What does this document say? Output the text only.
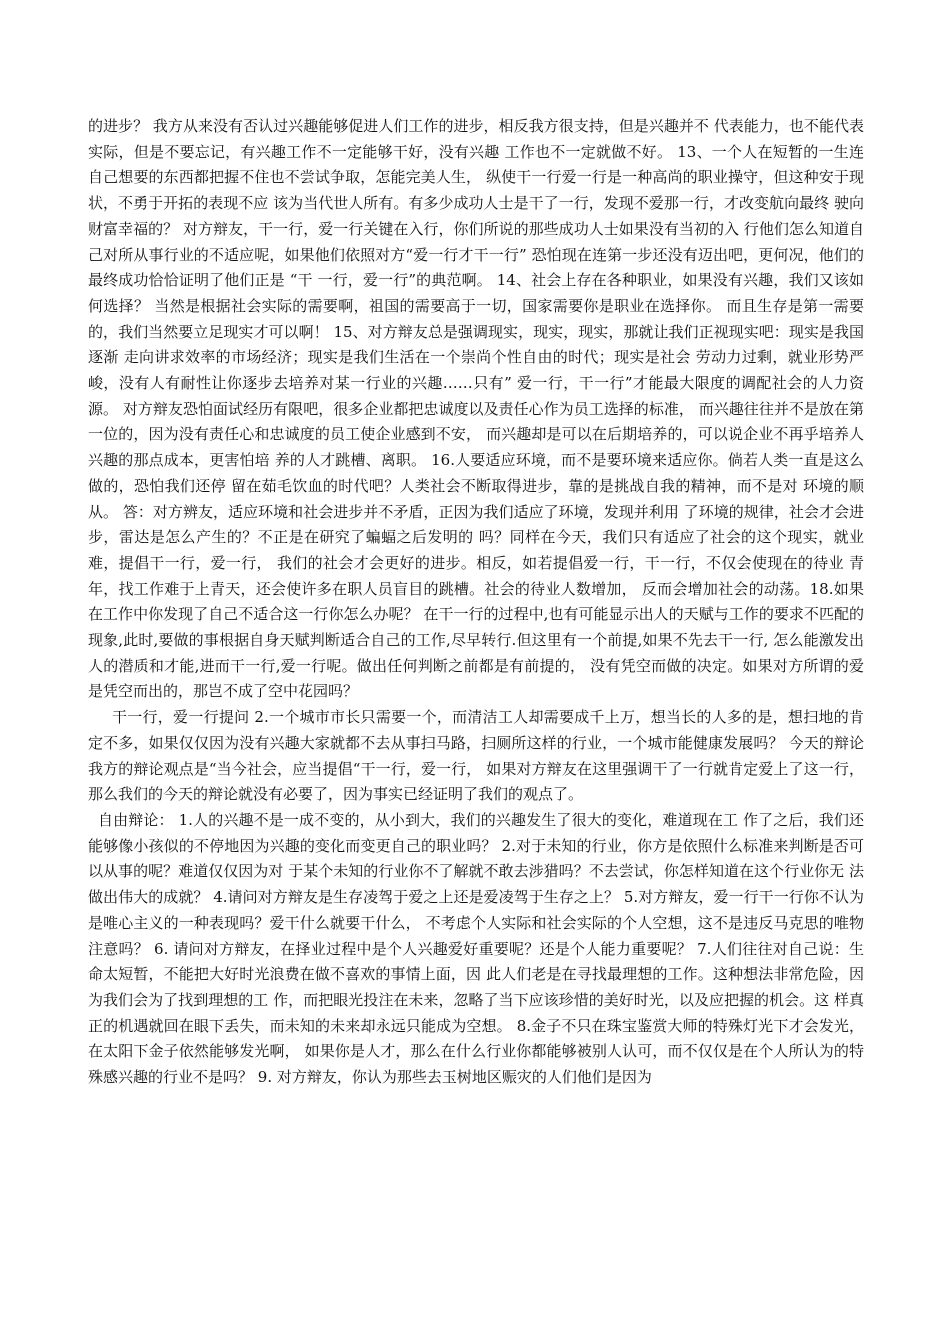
的进步？ 我方从来没有否认过兴趣能够促进人们工作的进步，相反我方很支持，但是兴趣并不 代表能力，也不能代表实际，但是不要忘记，有兴趣工作不一定能够干好，没有兴趣 工作也不一定就做不好。 13、一个人在短暂的一生连自己想要的东西都把握不住也不尝试争取，怎能完美人生， 纵使干一行爱一行是一种高尚的职业操守，但这种安于现状，不勇于开拓的表现不应 该为当代世人所有。有多少成功人士是干了一行，发现不爱那一行，才改变航向最终 驶向财富幸福的？ 对方辩友，干一行，爱一行关键在入行，你们所说的那些成功人士如果没有当初的入 行他们怎么知道自己对所从事行业的不适应呢，如果他们依照对方“爱一行才干一行” 恐怕现在连第一步还没有迈出吧，更何况，他们的最终成功恰恰证明了他们正是 “干 一行，爱一行”的典范啊。 14、社会上存在各种职业，如果没有兴趣，我们又该如何选择？ 当然是根据社会实际的需要啊，祖国的需要高于一切，国家需要你是职业在选择你。 而且生存是第一需要的，我们当然要立足现实才可以啊！ 15、对方辩友总是强调现实，现实，现实，那就让我们正视现实吧：现实是我国逐渐 走向讲求效率的市场经济；现实是我们生活在一个崇尚个性自由的时代；现实是社会 劳动力过剩，就业形势严峻，没有人有耐性让你逐步去培养对某一行业的兴趣……只有” 爱一行，干一行”才能最大限度的调配社会的人力资源。 对方辩友恐怕面试经历有限吧，很多企业都把忠诚度以及责任心作为员工选择的标准， 而兴趣往往并不是放在第一位的，因为没有责任心和忠诚度的员工使企业感到不安， 而兴趣却是可以在后期培养的，可以说企业不再乎培养人兴趣的那点成本，更害怕培 养的人才跳槽、离职。 16.人要适应环境，而不是要环境来适应你。倘若人类一直是这么做的，恐怕我们还停 留在茹毛饮血的时代吧？人类社会不断取得进步，靠的是挑战自我的精神，而不是对 环境的顺从。 答：对方辨友，适应环境和社会进步并不矛盾，正因为我们适应了环境，发现并利用 了环境的规律，社会才会进步，雷达是怎么产生的？不正是在研究了蝙蝠之后发明的 吗？同样在今天，我们只有适应了社会的这个现实，就业难，提倡干一行，爱一行， 我们的社会才会更好的进步。相反，如若提倡爱一行，干一行，不仅会使现在的待业 青年，找工作难于上青天，还会使许多在职人员盲目的跳槽。社会的待业人数增加， 反而会增加社会的动荡。18.如果在工作中你发现了自己不适合这一行你怎么办呢？ 在干一行的过程中,也有可能显示出人的天赋与工作的要求不匹配的现象,此时,要做的事根据自身天赋判断适合自己的工作,尽早转行.但这里有一个前提,如果不先去干一行, 怎么能激发出人的潜质和才能,进而干一行,爱一行呢。做出任何判断之前都是有前提的， 没有凭空而做的决定。如果对方所谓的爱是凭空而出的，那岂不成了空中花园吗？

干一行，爱一行提问 2.一个城市市长只需要一个，而清洁工人却需要成千上万，想当长的人多的是，想扫地的肯定不多，如果仅仅因为没有兴趣大家就都不去从事扫马路，扫厕所这样的行业，一个城市能健康发展吗？ 今天的辩论我方的辩论观点是“当今社会，应当提倡“干一行，爱一行， 如果对方辩友在这里强调干了一行就肯定爱上了这一行，那么我们的今天的辩论就没有必要了，因为事实已经证明了我们的观点了。

自由辩论： 1.人的兴趣不是一成不变的，从小到大，我们的兴趣发生了很大的变化，难道现在工 作了之后，我们还能够像小孩似的不停地因为兴趣的变化而变更自己的职业吗？ 2.对于未知的行业，你方是依照什么标准来判断是否可以从事的呢？难道仅仅因为对 于某个未知的行业你不了解就不敢去涉猎吗？不去尝试，你怎样知道在这个行业你无 法做出伟大的成就？ 4.请问对方辩友是生存凌驾于爱之上还是爱凌驾于生存之上？ 5.对方辩友，爱一行干一行你不认为是唯心主义的一种表现吗？爱干什么就要干什么， 不考虑个人实际和社会实际的个人空想，这不是违反马克思的唯物注意吗？ 6. 请问对方辩友，在择业过程中是个人兴趣爱好重要呢？还是个人能力重要呢？ 7.人们往往对自己说：生命太短暂，不能把大好时光浪费在做不喜欢的事情上面，因 此人们老是在寻找最理想的工作。这种想法非常危险，因为我们会为了找到理想的工 作，而把眼光投注在未来，忽略了当下应该珍惜的美好时光，以及应把握的机会。这 样真正的机遇就回在眼下丢失，而未知的未来却永远只能成为空想。 8.金子不只在珠宝鉴赏大师的特殊灯光下才会发光，在太阳下金子依然能够发光啊， 如果你是人才，那么在什么行业你都能够被别人认可，而不仅仅是在个人所认为的特 殊感兴趣的行业不是吗？ 9. 对方辩友，你认为那些去玉树地区赈灾的人们他们是因为
